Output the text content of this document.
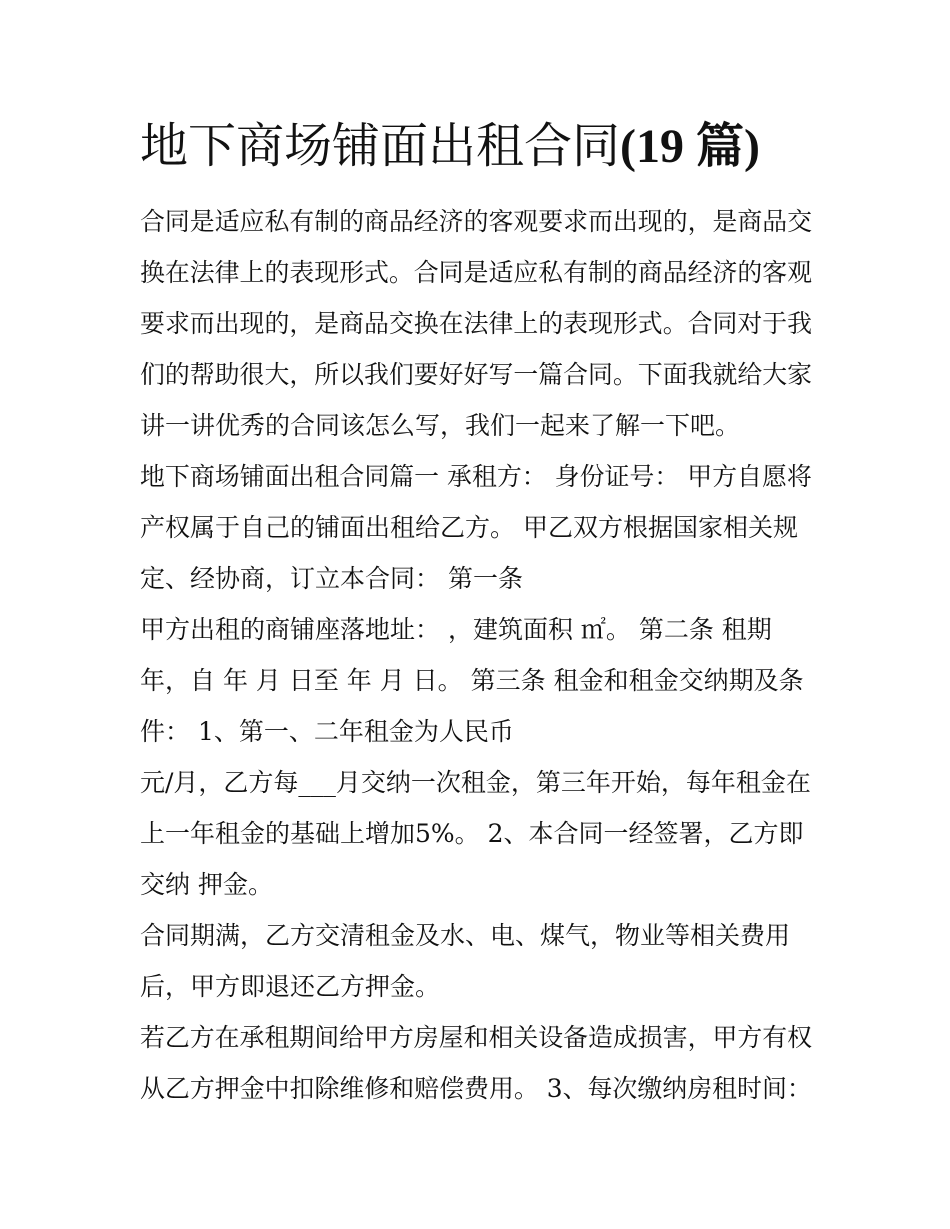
地下商场铺面出租合同(19 篇)

合同是适应私有制的商品经济的客观要求而出现的，是商品交

换在法律上的表现形式。合同是适应私有制的商品经济的客观

要求而出现的，是商品交换在法律上的表现形式。合同对于我

们的帮助很大，所以我们要好好写一篇合同。下面我就给大家

讲一讲优秀的合同该怎么写，我们一起来了解一下吧。

地下商场铺面出租合同篇一 承租方： 身份证号： 甲方自愿将

产权属于自己的铺面出租给乙方。 甲乙双方根据国家相关规

定、经协商，订立本合同： 第一条

甲方出租的商铺座落地址： ，建筑面积 ㎡。 第二条 租期

年，自 年 月 日至 年 月 日。 第三条 租金和租金交纳期及条

件： 1、第一、二年租金为人民币

元/月，乙方每___月交纳一次租金，第三年开始，每年租金在

上一年租金的基础上增加5%。 2、本合同一经签署，乙方即

交纳 押金。

合同期满，乙方交清租金及水、电、煤气，物业等相关费用

后，甲方即退还乙方押金。

若乙方在承租期间给甲方房屋和相关设备造成损害，甲方有权

从乙方押金中扣除维修和赔偿费用。 3、每次缴纳房租时间：
